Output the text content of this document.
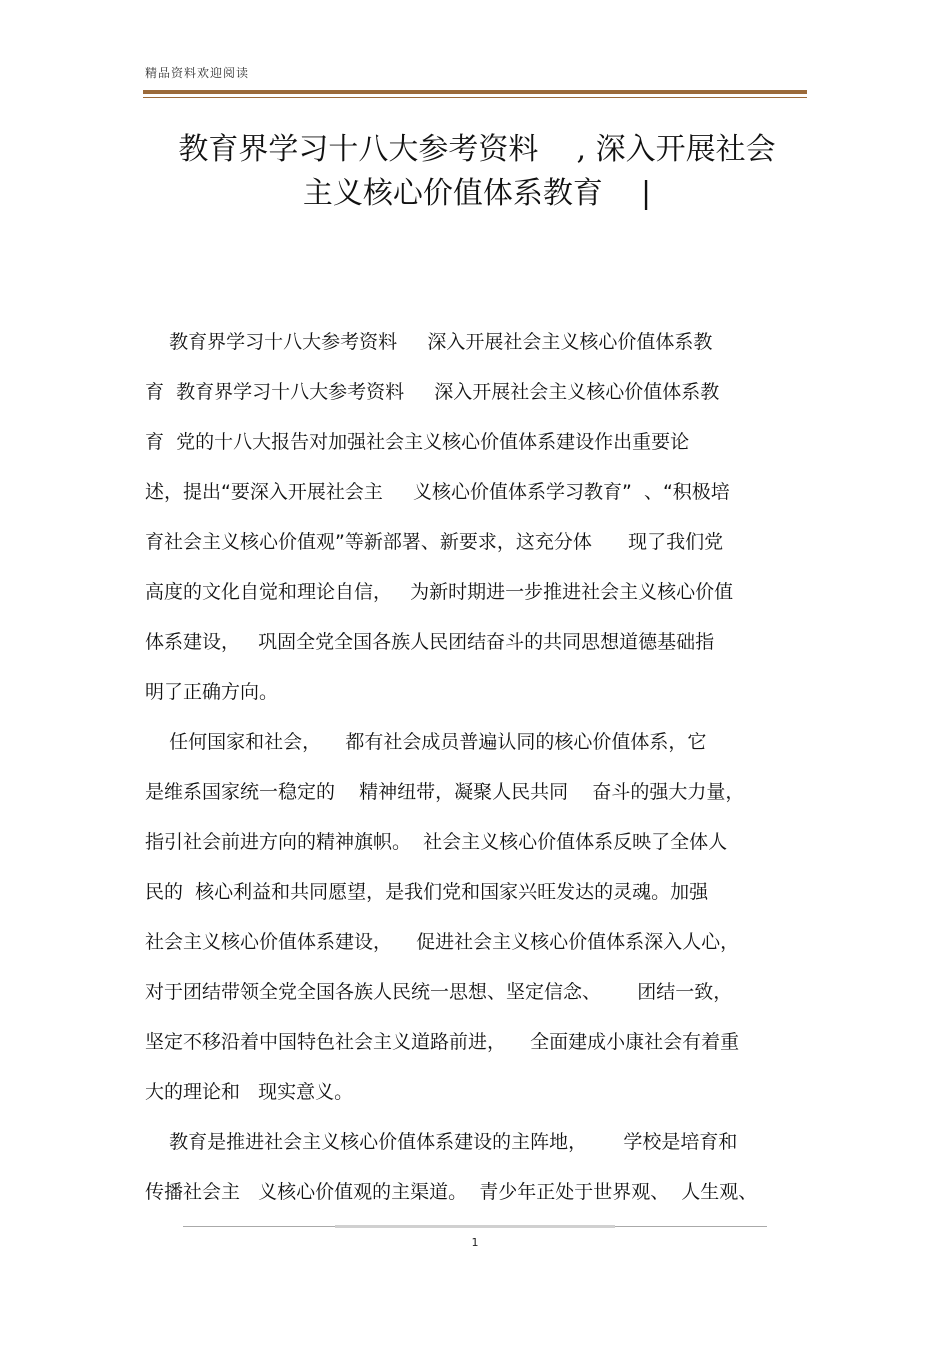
精品资料欢迎阅读
教育界学习十八大参考资料    , 深入开展社会
主义核心价值体系教育    |
教育界学习十八大参考资料     深入开展社会主义核心价值体系教
育  教育界学习十八大参考资料     深入开展社会主义核心价值体系教
育  党的十八大报告对加强社会主义核心价值体系建设作出重要论
述，提出“要深入开展社会主     义核心价值体系学习教育”  、“积极培
育社会主义核心价值观”等新部署、新要求，这充分体      现了我们党
高度的文化自觉和理论自信，   为新时期进一步推进社会主义核心价值
体系建设，   巩固全党全国各族人民团结奋斗的共同思想道德基础指
明了正确方向。
任何国家和社会，    都有社会成员普遍认同的核心价值体系，它
是维系国家统一稳定的    精神纽带，凝聚人民共同    奋斗的强大力量，
指引社会前进方向的精神旗帜。  社会主义核心价值体系反映了全体人
民的  核心利益和共同愿望，是我们党和国家兴旺发达的灵魂。加强
社会主义核心价值体系建设，    促进社会主义核心价值体系深入人心，
对于团结带领全党全国各族人民统一思想、坚定信念、      团结一致，
坚定不移沿着中国特色社会主义道路前进，    全面建成小康社会有着重
大的理论和   现实意义。
教育是推进社会主义核心价值体系建设的主阵地，      学校是培育和
传播社会主   义核心价值观的主渠道。  青少年正处于世界观、  人生观、
1
